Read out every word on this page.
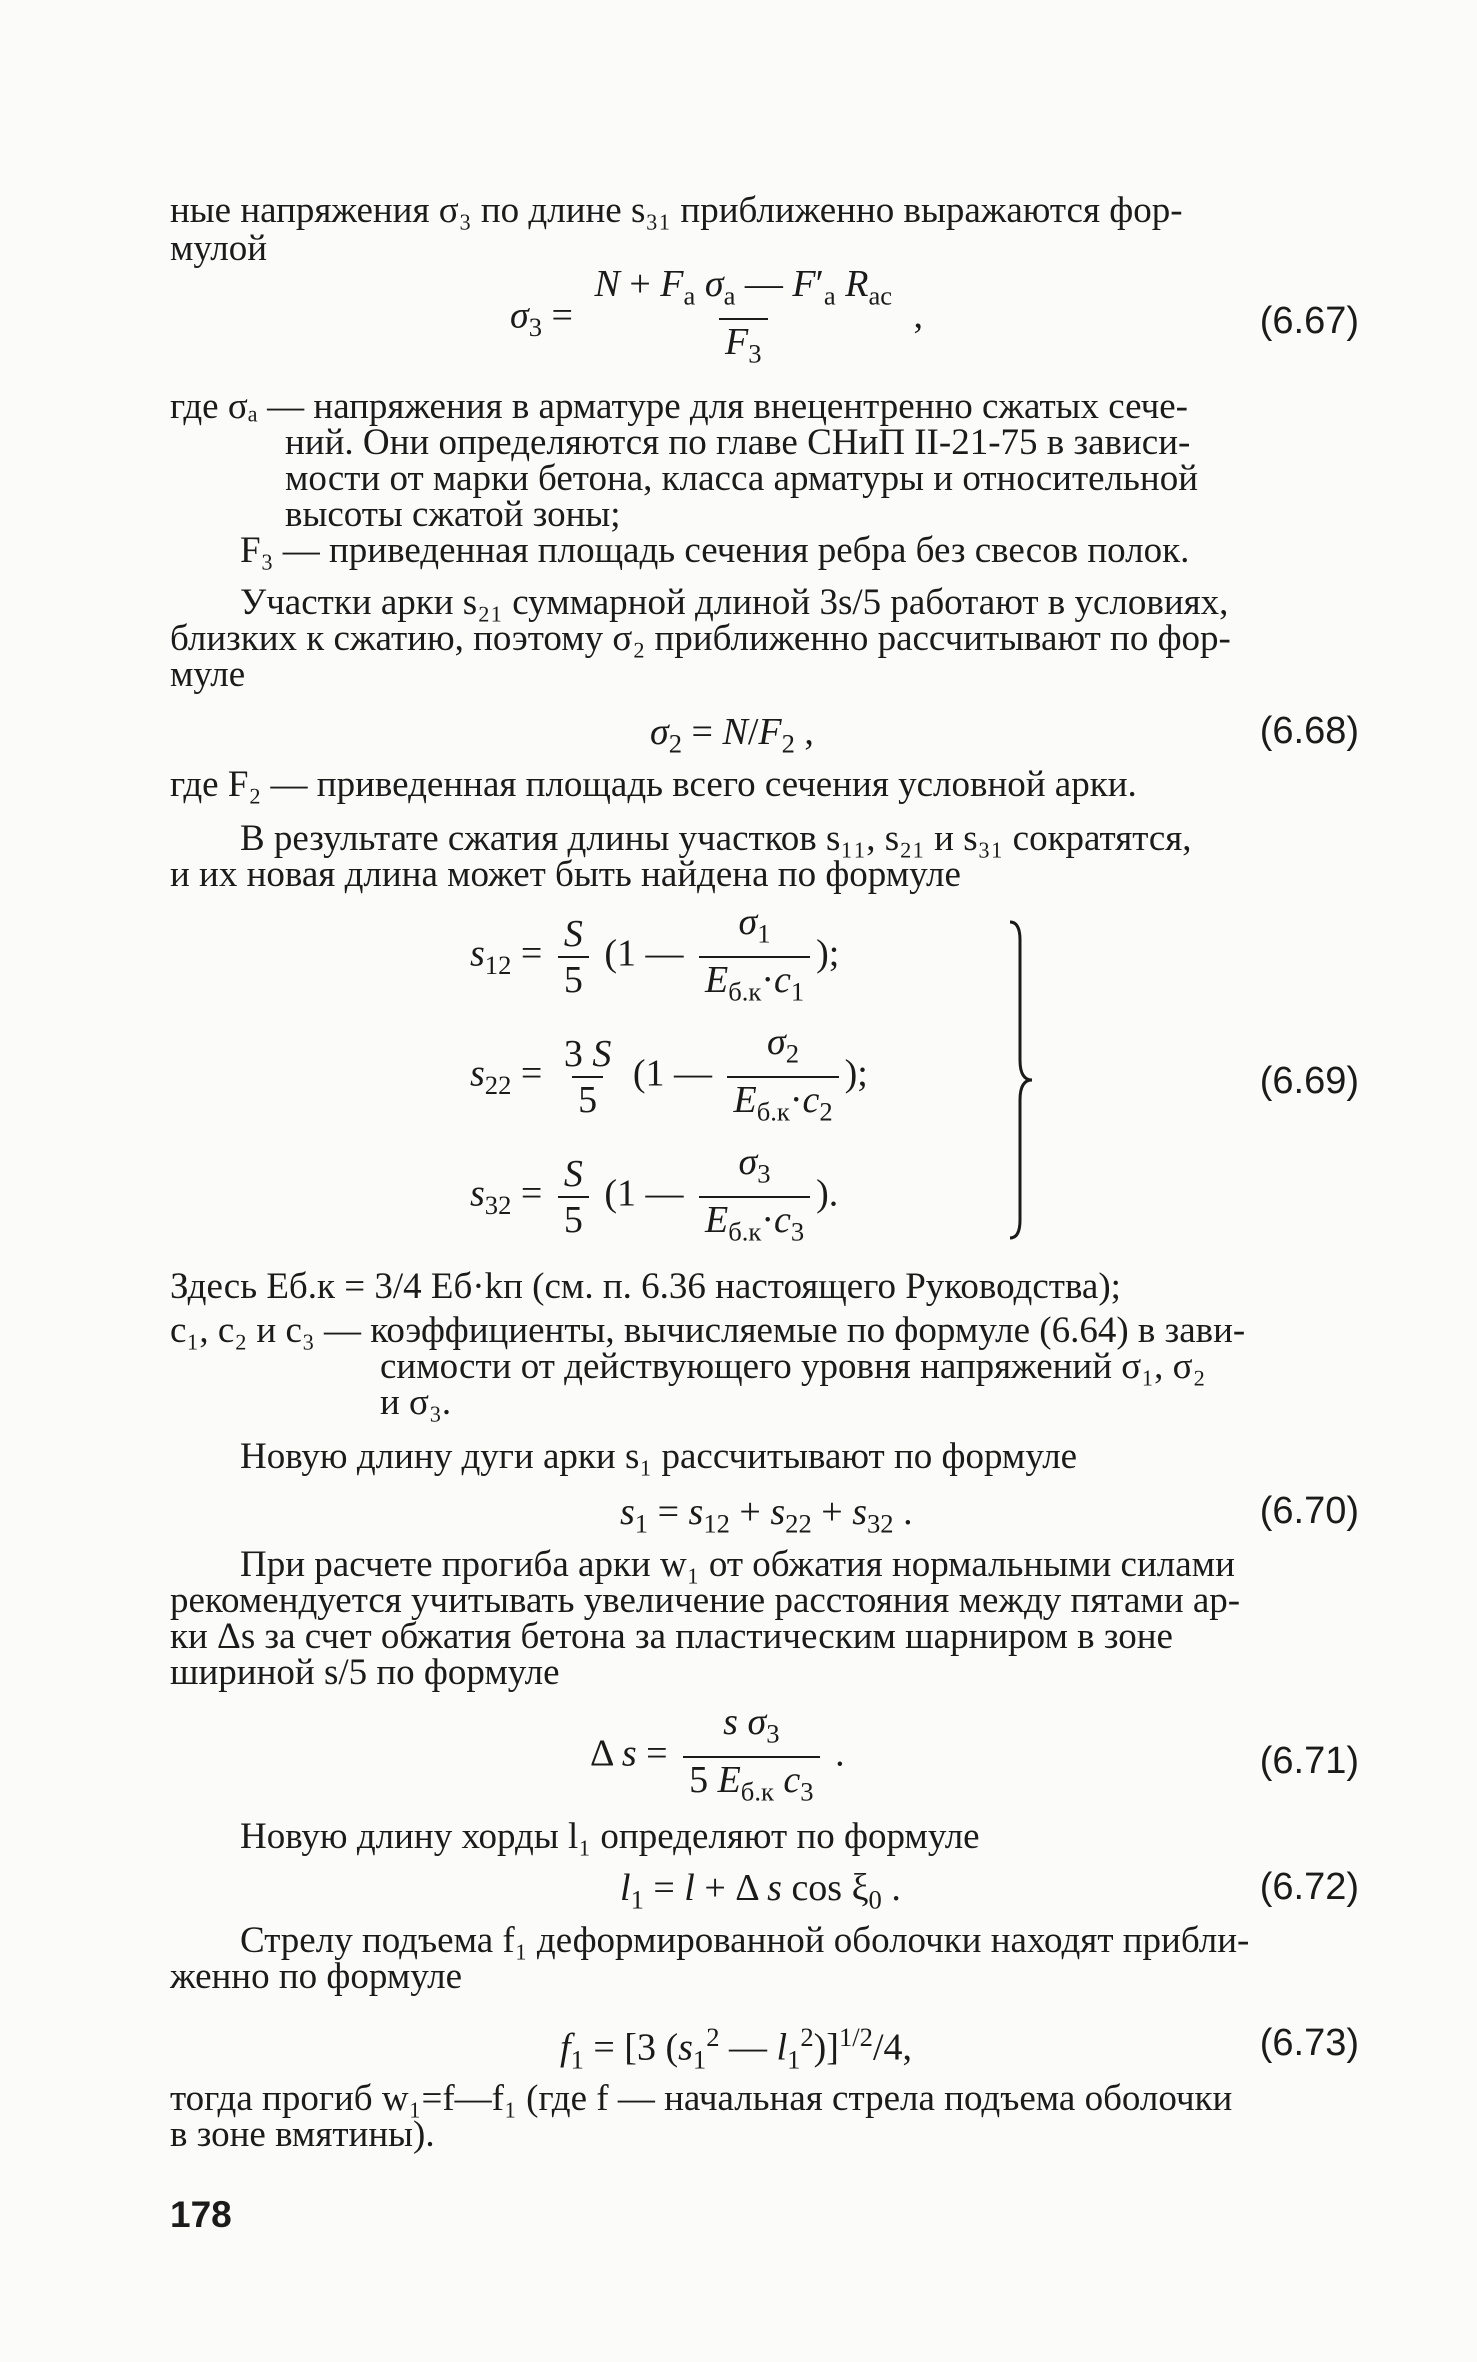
ные напряжения σ₃ по длине s₃₁ приближенно выражаются фор-
мулой
$\sigma_3 = \frac{N + F_a \sigma_a — F'_a R_{ac}}{F_3}$ ,	(6.67)
где σₐ — напряжения в арматуре для внецентренно сжатых сече-
ний. Они определяются по главе СНиП II-21-75 в зависи-
мости от марки бетона, класса арматуры и относительной
высоты сжатой зоны;
F₃ — приведенная площадь сечения ребра без свесов полок.
Участки арки s₂₁ суммарной длиной 3s/5 работают в условиях,
близких к сжатию, поэтому σ₂ приближенно рассчитывают по фор-
муле
$\sigma_2 = N/F_2$ ,	(6.68)
где F₂ — приведенная площадь всего сечения условной арки.
В результате сжатия длины участков s₁₁, s₂₁ и s₃₁ сократятся,
и их новая длина может быть найдена по формуле
$s_{12} = \frac{S}{5} (1$ — $\frac{\sigma_1}{E_{б.к}\cdot c_1}$ );
$s_{22} = \frac{3 S}{5} (1$ — $\frac{\sigma_2}{E_{б.к}\cdot c_2}$ );
$s_{32} = \frac{S}{5} (1$ — $\frac{\sigma_3}{E_{б.к}\cdot c_3}$ ).
(6.69)
Здесь Eб.к = 3/4 Eб·kп (см. п. 6.36 настоящего Руководства);
c₁, c₂ и c₃ — коэффициенты, вычисляемые по формуле (6.64) в зави-
симости от действующего уровня напряжений σ₁, σ₂
и σ₃.
Новую длину дуги арки s₁ рассчитывают по формуле
$s_1 = s_{12} + s_{22} + s_{32}$ .	(6.70)
При расчете прогиба арки w₁ от обжатия нормальными силами
рекомендуется учитывать увеличение расстояния между пятами ар-
ки Δs за счет обжатия бетона за пластическим шарниром в зоне
шириной s/5 по формуле
Δ $s = \frac{s \sigma_3}{5 E_{б.к} c_3}$ .	(6.71)
Новую длину хорды l₁ определяют по формуле
$l_1 = l + \Delta$ s $\cos \xi_0$ .	(6.72)
Стрелу подъема f₁ деформированной оболочки находят прибли-
женно по формуле
$f_1 = [3$ ($s_1^2$ — $l_1^2)]^{1/2}/4$,	(6.73)
тогда прогиб w₁=f—f₁ (где f — начальная стрела подъема оболочки
в зоне вмятины).
178
